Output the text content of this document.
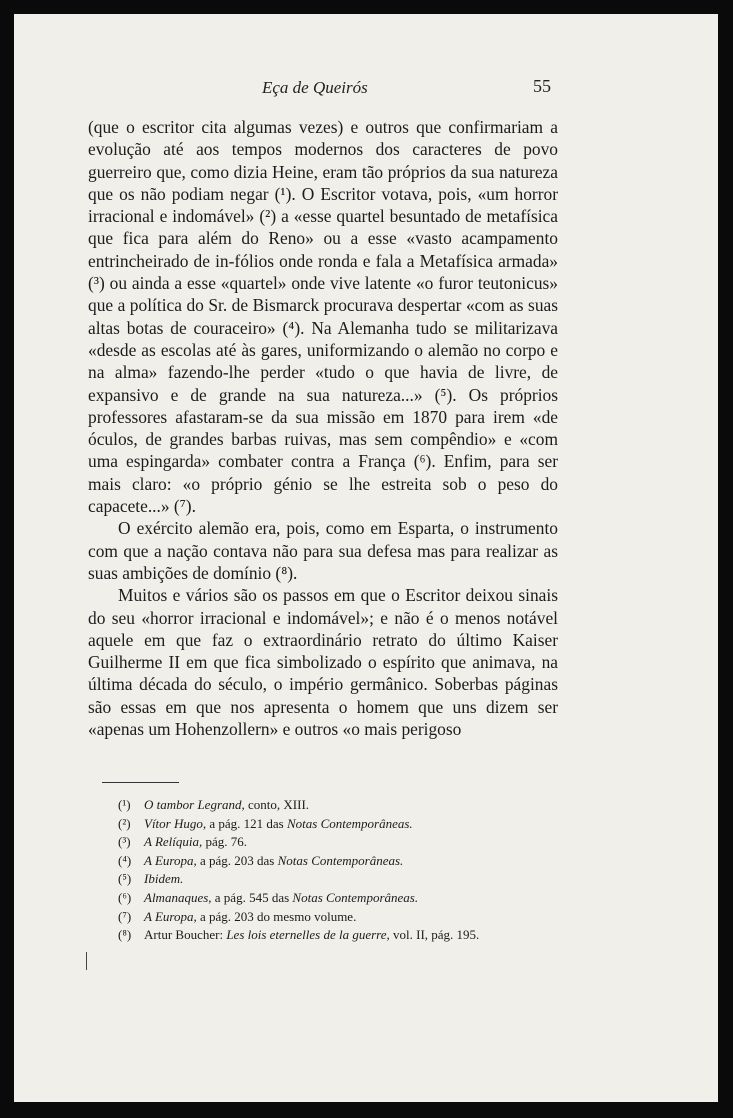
Eça de Queirós	55

(que o escritor cita algumas vezes) e outros que confirmariam a evolução até aos tempos modernos dos caracteres de povo guerreiro que, como dizia Heine, eram tão próprios da sua natureza que os não podiam negar (¹). O Escritor votava, pois, «um horror irracional e indomável» (²) a «esse quartel besuntado de metafísica que fica para além do Reno» ou a esse «vasto acampamento entrincheirado de in-fólios onde ronda e fala a Metafísica armada» (³) ou ainda a esse «quartel» onde vive latente «o furor teutonicus» que a política do Sr. de Bismarck procurava despertar «com as suas altas botas de couraceiro» (⁴). Na Alemanha tudo se militarizava «desde as escolas até às gares, uniformizando o alemão no corpo e na alma» fazendo-lhe perder «tudo o que havia de livre, de expansivo e de grande na sua natureza...» (⁵). Os próprios professores afastaram-se da sua missão em 1870 para irem «de óculos, de grandes barbas ruivas, mas sem compêndio» e «com uma espingarda» combater contra a França (⁶). Enfim, para ser mais claro: «o próprio génio se lhe estreita sob o peso do capacete...» (⁷).

O exército alemão era, pois, como em Esparta, o instrumento com que a nação contava não para sua defesa mas para realizar as suas ambições de domínio (⁸).

Muitos e vários são os passos em que o Escritor deixou sinais do seu «horror irracional e indomável»; e não é o menos notável aquele em que faz o extraordinário retrato do último Kaiser Guilherme II em que fica simbolizado o espírito que animava, na última década do século, o império germânico. Soberbas páginas são essas em que nos apresenta o homem que uns dizem ser «apenas um Hohenzollern» e outros «o mais perigoso

(¹) O tambor Legrand, conto, XIII.
(²) Vítor Hugo, a pág. 121 das Notas Contemporâneas.
(³) A Relíquia, pág. 76.
(⁴) A Europa, a pág. 203 das Notas Contemporâneas.
(⁵) Ibidem.
(⁶) Almanaques, a pág. 545 das Notas Contemporâneas.
(⁷) A Europa, a pág. 203 do mesmo volume.
(⁸) Artur Boucher: Les lois eternelles de la guerre, vol. II, pág. 195.
